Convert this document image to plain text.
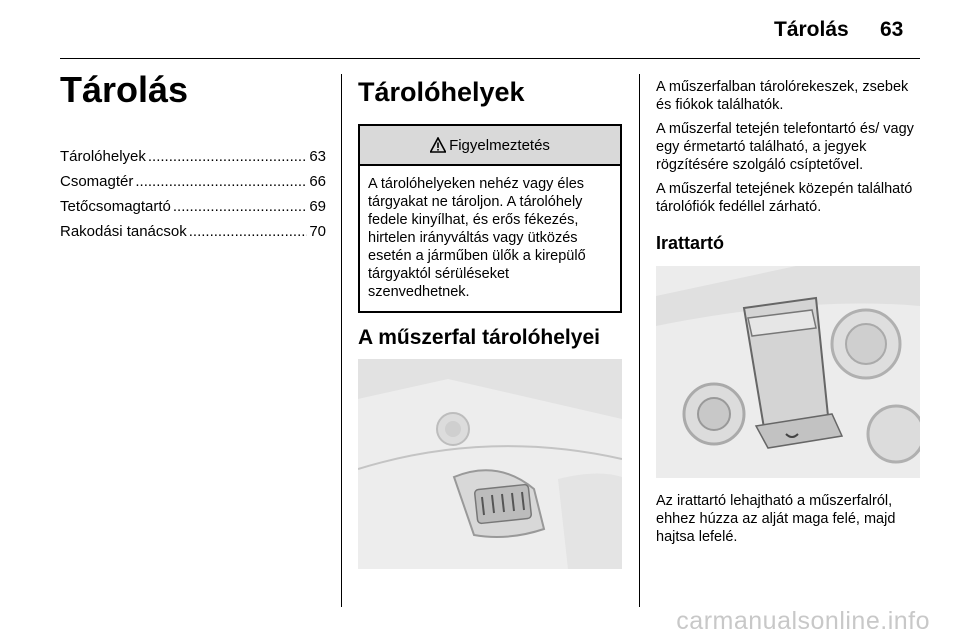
Tárolás 63
Tárolás
Tárolóhelyek .....	63
Csomagtér .....	66
Tetőcsomagtartó .....	69
Rakodási tanácsok .....	70
Tárolóhelyek
Figyelmeztetés
A tárolóhelyeken nehéz vagy éles tárgyakat ne tároljon. A tárolóhely fedele kinyílhat, és erős fékezés, hirtelen irányváltás vagy ütközés esetén a járműben ülők a kirepülő tárgyaktól sérüléseket szenvedhetnek.
A műszerfal tárolóhelyei

A műszerfalban tárolórekeszek, zsebek és fiókok találhatók.

A műszerfal tetején telefontartó és/ vagy egy érmetartó található, a jegyek rögzítésére szolgáló csíptetővel.

A műszerfal tetejének közepén található tárolófiók fedéllel zárható.

Irattartó
Az irattartó lehajtható a műszerfalról, ehhez húzza az alját maga felé, majd hajtsa lefelé.
carmanualsonline.info
